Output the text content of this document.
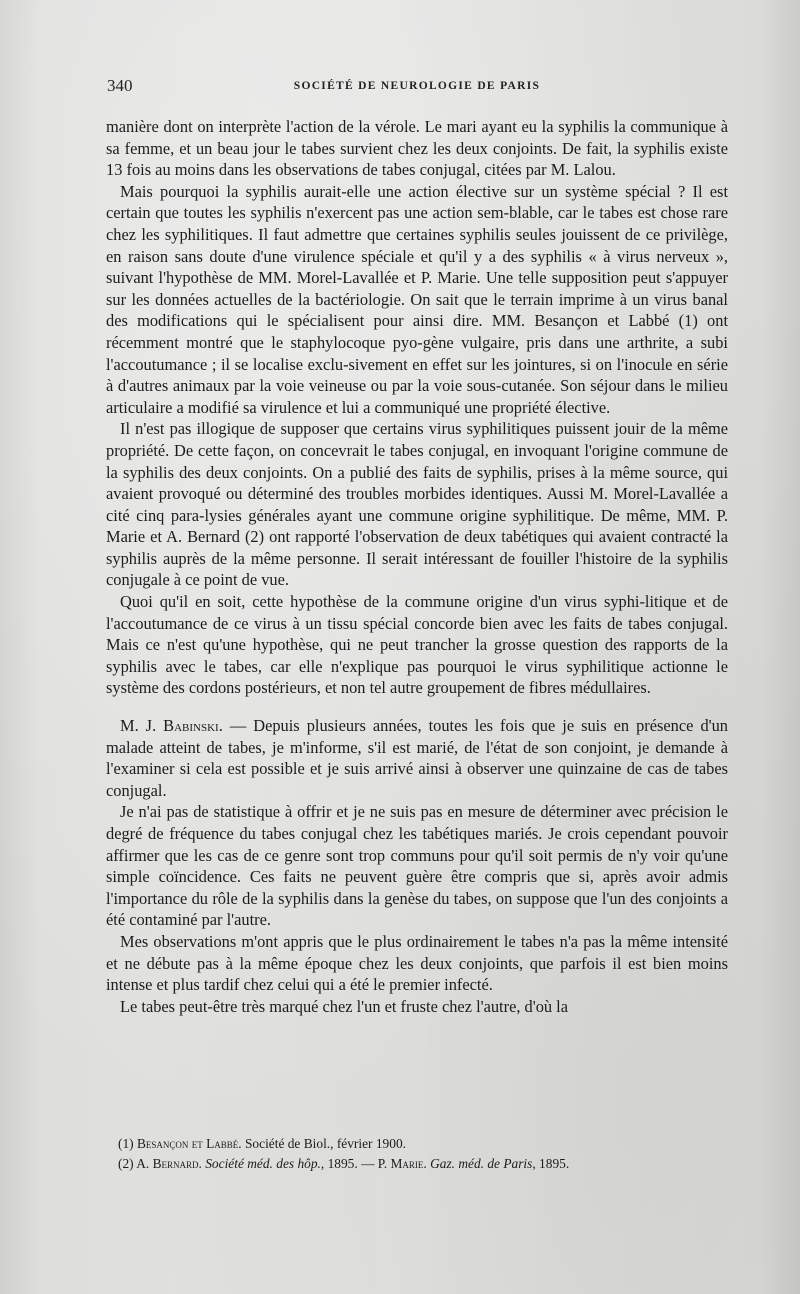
340	SOCIÉTÉ DE NEUROLOGIE DE PARIS

manière dont on interprète l'action de la vérole. Le mari ayant eu la syphilis la communique à sa femme, et un beau jour le tabes survient chez les deux conjoints. De fait, la syphilis existe 13 fois au moins dans les observations de tabes conjugal, citées par M. Lalou.

Mais pourquoi la syphilis aurait-elle une action élective sur un système spécial ? Il est certain que toutes les syphilis n'exercent pas une action sem-blable, car le tabes est chose rare chez les syphilitiques. Il faut admettre que certaines syphilis seules jouissent de ce privilège, en raison sans doute d'une virulence spéciale et qu'il y a des syphilis « à virus nerveux », suivant l'hypothèse de MM. Morel-Lavallée et P. Marie. Une telle supposition peut s'appuyer sur les données actuelles de la bactériologie. On sait que le terrain imprime à un virus banal des modifications qui le spécialisent pour ainsi dire. MM. Besançon et Labbé (1) ont récemment montré que le staphylocoque pyo-gène vulgaire, pris dans une arthrite, a subi l'accoutumance ; il se localise exclu-sivement en effet sur les jointures, si on l'inocule en série à d'autres animaux par la voie veineuse ou par la voie sous-cutanée. Son séjour dans le milieu articulaire a modifié sa virulence et lui a communiqué une propriété élective.

Il n'est pas illogique de supposer que certains virus syphilitiques puissent jouir de la même propriété. De cette façon, on concevrait le tabes conjugal, en invoquant l'origine commune de la syphilis des deux conjoints. On a publié des faits de syphilis, prises à la même source, qui avaient provoqué ou déterminé des troubles morbides identiques. Aussi M. Morel-Lavallée a cité cinq para-lysies générales ayant une commune origine syphilitique. De même, MM. P. Marie et A. Bernard (2) ont rapporté l'observation de deux tabétiques qui avaient contracté la syphilis auprès de la même personne. Il serait intéressant de fouiller l'histoire de la syphilis conjugale à ce point de vue.

Quoi qu'il en soit, cette hypothèse de la commune origine d'un virus syphi-litique et de l'accoutumance de ce virus à un tissu spécial concorde bien avec les faits de tabes conjugal. Mais ce n'est qu'une hypothèse, qui ne peut trancher la grosse question des rapports de la syphilis avec le tabes, car elle n'explique pas pourquoi le virus syphilitique actionne le système des cordons postérieurs, et non tel autre groupement de fibres médullaires.

M. J. Babinski. — Depuis plusieurs années, toutes les fois que je suis en présence d'un malade atteint de tabes, je m'informe, s'il est marié, de l'état de son conjoint, je demande à l'examiner si cela est possible et je suis arrivé ainsi à observer une quinzaine de cas de tabes conjugal.

Je n'ai pas de statistique à offrir et je ne suis pas en mesure de déterminer avec précision le degré de fréquence du tabes conjugal chez les tabétiques mariés. Je crois cependant pouvoir affirmer que les cas de ce genre sont trop communs pour qu'il soit permis de n'y voir qu'une simple coïncidence. Ces faits ne peuvent guère être compris que si, après avoir admis l'importance du rôle de la syphilis dans la genèse du tabes, on suppose que l'un des conjoints a été contaminé par l'autre.

Mes observations m'ont appris que le plus ordinairement le tabes n'a pas la même intensité et ne débute pas à la même époque chez les deux conjoints, que parfois il est bien moins intense et plus tardif chez celui qui a été le premier infecté.

Le tabes peut-être très marqué chez l'un et fruste chez l'autre, d'où la

(1) Besançon et Labbé. Société de Biol., février 1900.
(2) A. Bernard. Société méd. des hôp., 1895. — P. Marie. Gaz. méd. de Paris, 1895.
